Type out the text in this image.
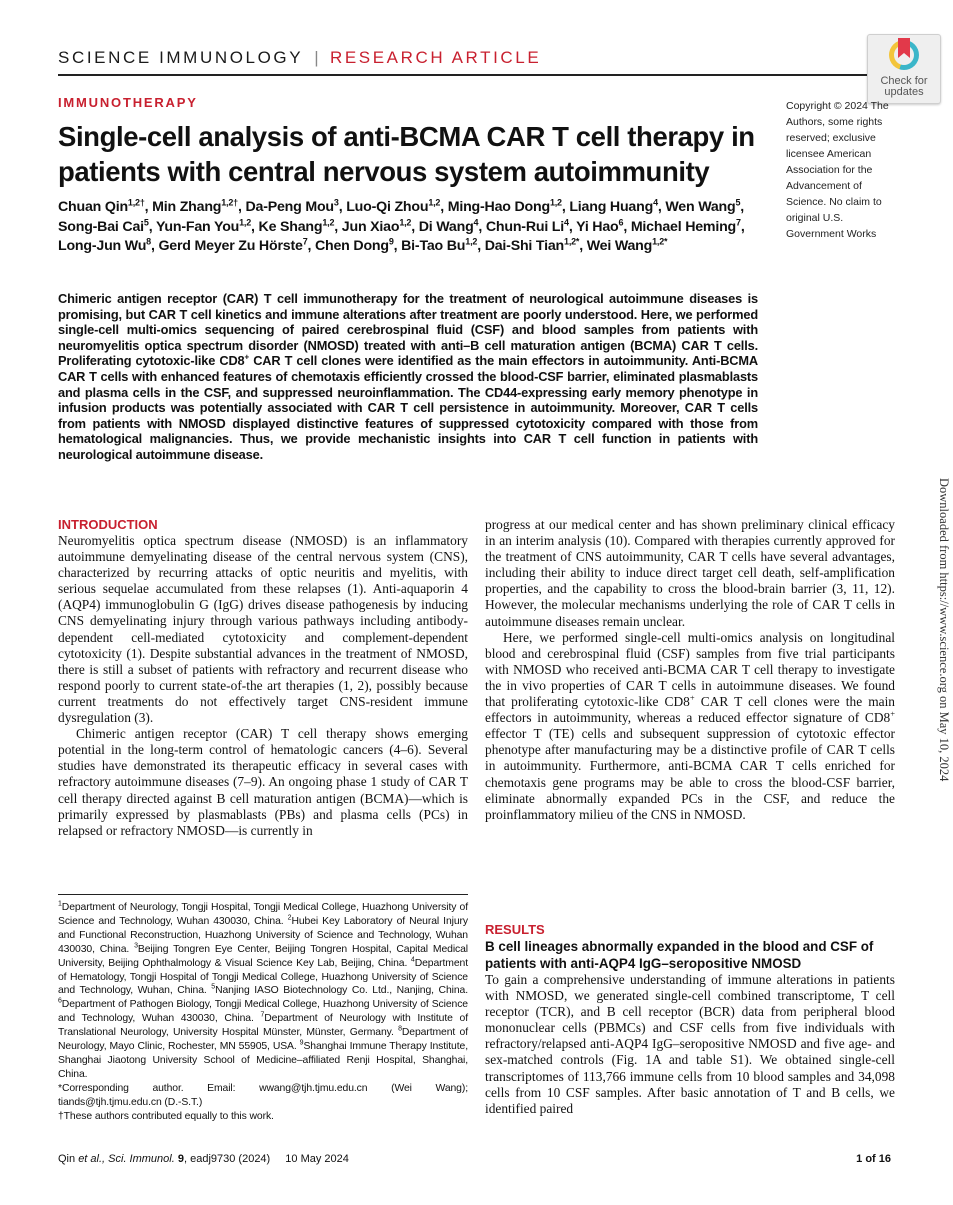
SCIENCE IMMUNOLOGY | RESEARCH ARTICLE
Check for
updates
Copyright © 2024 The Authors, some rights reserved; exclusive licensee American Association for the Advancement of Science. No claim to original U.S. Government Works
IMMUNOTHERAPY
Single-cell analysis of anti-BCMA CAR T cell therapy in patients with central nervous system autoimmunity
Chuan Qin$^{1,2\dagger}$, Min Zhang$^{1,2\dagger}$, Da-Peng Mou$^3$, Luo-Qi Zhou$^{1,2}$, Ming-Hao Dong$^{1,2}$, Liang Huang$^4$, Wen Wang$^5$, Song-Bai Cai$^5$, Yun-Fan You$^{1,2}$, Ke Shang$^{1,2}$, Jun Xiao$^{1,2}$, Di Wang$^4$, Chun-Rui Li$^4$, Yi Hao$^6$, Michael Heming$^7$, Long-Jun Wu$^8$, Gerd Meyer Zu Hörste$^7$, Chen Dong$^9$, Bi-Tao Bu$^{1,2}$, Dai-Shi Tian$^{1,2*}$, Wei Wang$^{1,2*}$
Chimeric antigen receptor (CAR) T cell immunotherapy for the treatment of neurological autoimmune diseases is promising, but CAR T cell kinetics and immune alterations after treatment are poorly understood. Here, we performed single-cell multi-omics sequencing of paired cerebrospinal fluid (CSF) and blood samples from patients with neuromyelitis optica spectrum disorder (NMOSD) treated with anti–B cell maturation antigen (BCMA) CAR T cells. Proliferating cytotoxic-like CD8+ CAR T cell clones were identified as the main effectors in autoimmunity. Anti-BCMA CAR T cells with enhanced features of chemotaxis efficiently crossed the blood-CSF barrier, eliminated plasmablasts and plasma cells in the CSF, and suppressed neuroinflammation. The CD44-expressing early memory phenotype in infusion products was potentially associated with CAR T cell persistence in autoimmunity. Moreover, CAR T cells from patients with NMOSD displayed distinctive features of suppressed cytotoxicity compared with those from hematological malignancies. Thus, we provide mechanistic insights into CAR T cell function in patients with neurological autoimmune disease.
Downloaded from https://www.science.org on May 10, 2024
INTRODUCTION

Neuromyelitis optica spectrum disease (NMOSD) is an inflammatory autoimmune demyelinating disease of the central nervous system (CNS), characterized by recurring attacks of optic neuritis and myelitis, with serious sequelae accumulated from these relapses (1). Anti-aquaporin 4 (AQP4) immunoglobulin G (IgG) drives disease pathogenesis by inducing CNS demyelinating injury through various pathways including antibody-dependent cell-mediated cytotoxicity and complement-dependent cytotoxicity (1). Despite substantial advances in the treatment of NMOSD, there is still a subset of patients with refractory and recurrent disease who respond poorly to current state-of-the art therapies (1, 2), possibly because current treatments do not effectively target CNS-resident immune dysregulation (3).

Chimeric antigen receptor (CAR) T cell therapy shows emerging potential in the long-term control of hematologic cancers (4–6). Several studies have demonstrated its therapeutic efficacy in several cases with refractory autoimmune diseases (7–9). An ongoing phase 1 study of CAR T cell therapy directed against B cell maturation antigen (BCMA)—which is primarily expressed by plasmablasts (PBs) and plasma cells (PCs) in relapsed or refractory NMOSD—is currently in

$^1$Department of Neurology, Tongji Hospital, Tongji Medical College, Huazhong University of Science and Technology, Wuhan 430030, China. $^2$Hubei Key Laboratory of Neural Injury and Functional Reconstruction, Huazhong University of Science and Technology, Wuhan 430030, China. $^3$Beijing Tongren Eye Center, Beijing Tongren Hospital, Capital Medical University, Beijing Ophthalmology & Visual Science Key Lab, Beijing, China. $^4$Department of Hematology, Tongji Hospital of Tongji Medical College, Huazhong University of Science and Technology, Wuhan, China. $^5$Nanjing IASO Biotechnology Co. Ltd., Nanjing, China. $^6$Department of Pathogen Biology, Tongji Medical College, Huazhong University of Science and Technology, Wuhan 430030, China. $^7$Department of Neurology with Institute of Translational Neurology, University Hospital Münster, Münster, Germany. $^8$Department of Neurology, Mayo Clinic, Rochester, MN 55905, USA. $^9$Shanghai Immune Therapy Institute, Shanghai Jiaotong University School of Medicine–affiliated Renji Hospital, Shanghai, China.

*Corresponding author. Email: wwang@tjh.tjmu.edu.cn (Wei Wang); tiands@tjh.tjmu.edu.cn (D.-S.T.)

†These authors contributed equally to this work.

progress at our medical center and has shown preliminary clinical efficacy in an interim analysis (10). Compared with therapies currently approved for the treatment of CNS autoimmunity, CAR T cells have several advantages, including their ability to induce direct target cell death, self-amplification properties, and the capability to cross the blood-brain barrier (3, 11, 12). However, the molecular mechanisms underlying the role of CAR T cells in autoimmune diseases remain unclear.

Here, we performed single-cell multi-omics analysis on longitudinal blood and cerebrospinal fluid (CSF) samples from five trial participants with NMOSD who received anti-BCMA CAR T cell therapy to investigate the in vivo properties of CAR T cells in autoimmune diseases. We found that proliferating cytotoxic-like CD8+ CAR T cell clones were the main effectors in autoimmunity, whereas a reduced effector signature of CD8+ effector T (TE) cells and subsequent suppression of cytotoxic effector phenotype after manufacturing may be a distinctive profile of CAR T cells in autoimmunity. Furthermore, anti-BCMA CAR T cells enriched for chemotaxis gene programs may be able to cross the blood-CSF barrier, eliminate abnormally expanded PCs in the CSF, and reduce the proinflammatory milieu of the CNS in NMOSD.

RESULTS
B cell lineages abnormally expanded in the blood and CSF of patients with anti-AQP4 IgG–seropositive NMOSD

To gain a comprehensive understanding of immune alterations in patients with NMOSD, we generated single-cell combined transcriptome, T cell receptor (TCR), and B cell receptor (BCR) data from peripheral blood mononuclear cells (PBMCs) and CSF cells from five individuals with refractory/relapsed anti-AQP4 IgG–seropositive NMOSD and five age- and sex-matched controls (Fig. 1A and table S1). We obtained single-cell transcriptomes of 113,766 immune cells from 10 blood samples and 34,098 cells from 10 CSF samples. After basic annotation of T and B cells, we identified paired

Qin et al., Sci. Immunol. 9, eadj9730 (2024) 10 May 2024	1 of 16
